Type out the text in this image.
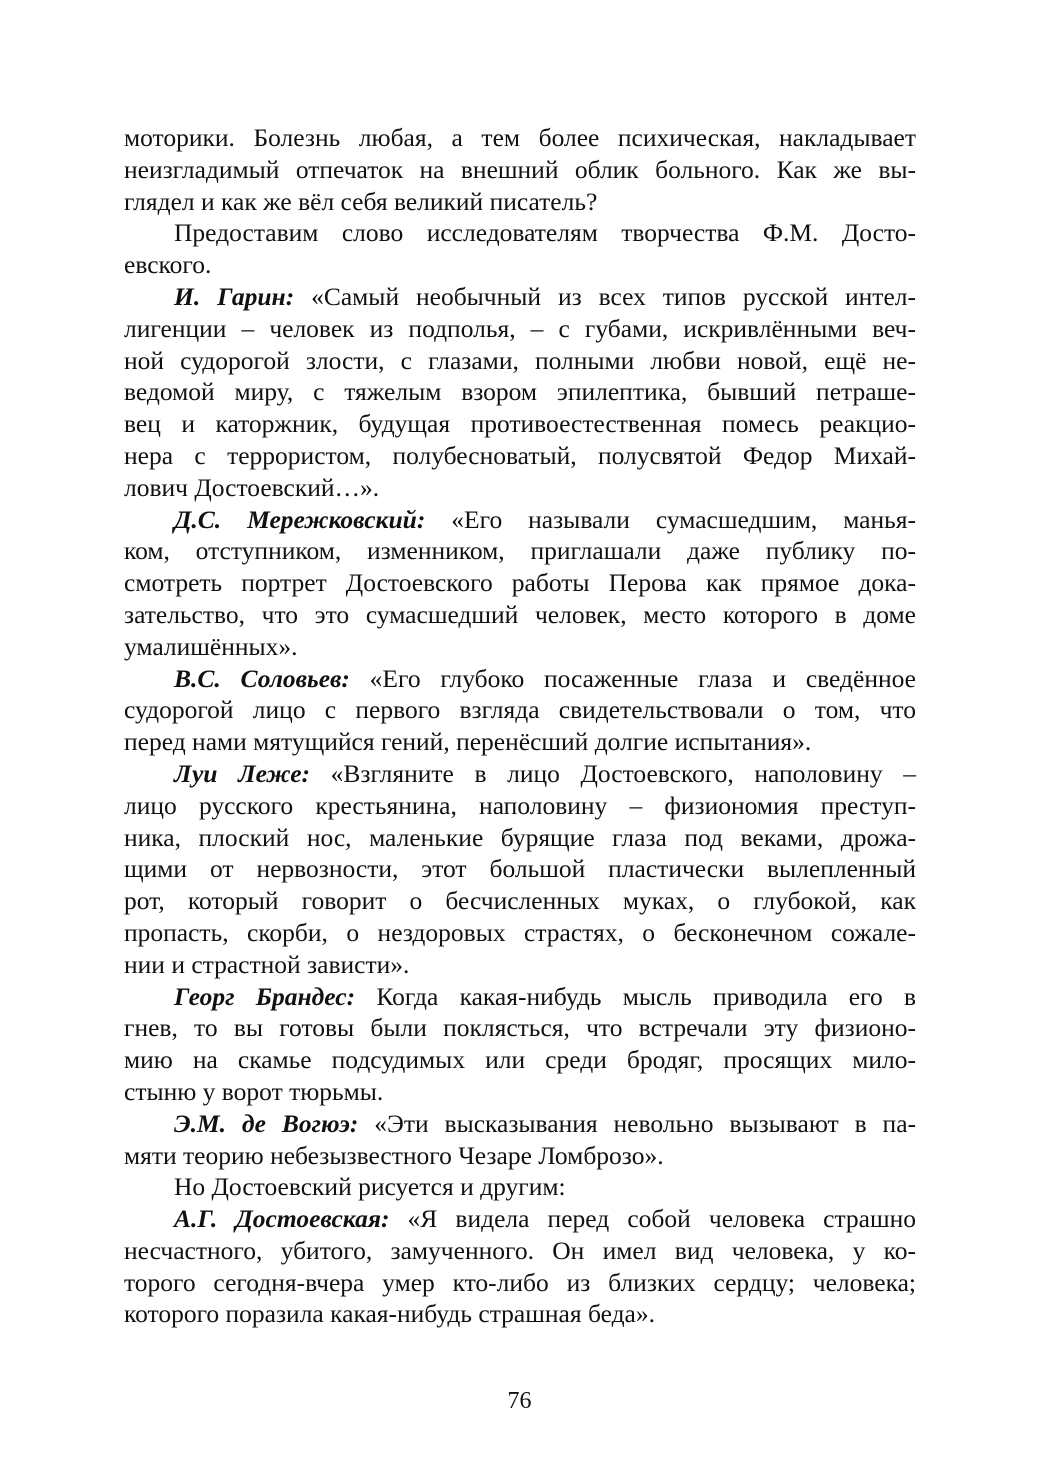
моторики. Болезнь любая, а тем более психическая, накладывает
неизгладимый отпечаток на внешний облик больного. Как же вы-
глядел и как же вёл себя великий писатель?
Предоставим слово исследователям творчества Ф.М. Досто-
евского.
И. Гарин: «Самый необычный из всех типов русской интел-
лигенции – человек из подполья, – с губами, искривлёнными веч-
ной судорогой злости, с глазами, полными любви новой, ещё не-
ведомой миру, с тяжелым взором эпилептика, бывший петраше-
вец и каторжник, будущая противоестественная помесь реакцио-
нера с террористом, полубесноватый, полусвятой Федор Михай-
лович Достоевский…».
Д.С. Мережковский: «Его называли сумасшедшим, манья-
ком, отступником, изменником, приглашали даже публику по-
смотреть портрет Достоевского работы Перова как прямое дока-
зательство, что это сумасшедший человек, место которого в доме
умалишённых».
В.С. Соловьев: «Его глубоко посаженные глаза и сведённое
судорогой лицо с первого взгляда свидетельствовали о том, что
перед нами мятущийся гений, перенёсший долгие испытания».
Луи Леже: «Взгляните в лицо Достоевского, наполовину –
лицо русского крестьянина, наполовину – физиономия преступ-
ника, плоский нос, маленькие бурящие глаза под веками, дрожа-
щими от нервозности, этот большой пластически вылепленный
рот, который говорит о бесчисленных муках, о глубокой, как
пропасть, скорби, о нездоровых страстях, о бесконечном сожале-
нии и страстной зависти».
Георг Брандес: Когда какая-нибудь мысль приводила его в
гнев, то вы готовы были поклясться, что встречали эту физионо-
мию на скамье подсудимых или среди бродяг, просящих мило-
стыню у ворот тюрьмы.
Э.М. де Вогюэ: «Эти высказывания невольно вызывают в па-
мяти теорию небезызвестного Чезаре Ломброзо».
Но Достоевский рисуется и другим:
А.Г. Достоевская: «Я видела перед собой человека страшно
несчастного, убитого, замученного. Он имел вид человека, у ко-
торого сегодня-вчера умер кто-либо из близких сердцу; человека;
которого поразила какая-нибудь страшная беда».
76
